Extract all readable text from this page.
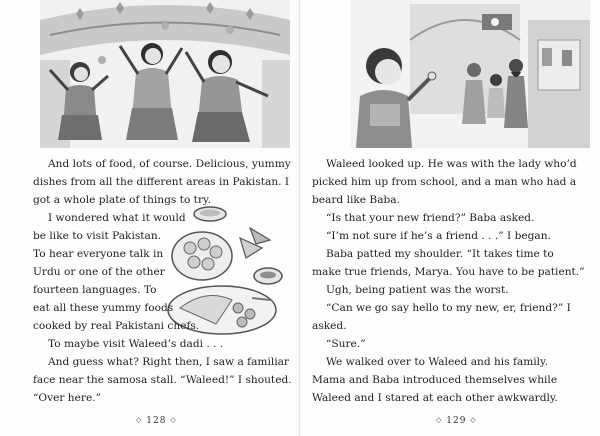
And lots of food, of course. Delicious, yummy
dishes from all the different areas in Pakistan. I
got a whole plate of things to try.
I wondered what it would
be like to visit Pakistan.
To hear everyone talk in
Urdu or one of the other
fourteen languages. To
eat all these yummy foods
cooked by real Pakistani chefs.
To maybe visit Waleed’s dadi . . .
And guess what? Right then, I saw a familiar
face near the samosa stall. “Waleed!” I shouted.
“Over here.”
◇ 128 ◇
Waleed looked up. He was with the lady who’d
picked him up from school, and a man who had a
beard like Baba.
“Is that your new friend?” Baba asked.
“I’m not sure if he’s a friend . . .” I began.
Baba patted my shoulder. “It takes time to
make true friends, Marya. You have to be patient.”
Ugh, being patient was the worst.
“Can we go say hello to my new, er, friend?” I
asked.
“Sure.”
We walked over to Waleed and his family.
Mama and Baba introduced themselves while
Waleed and I stared at each other awkwardly.
◇ 129 ◇
